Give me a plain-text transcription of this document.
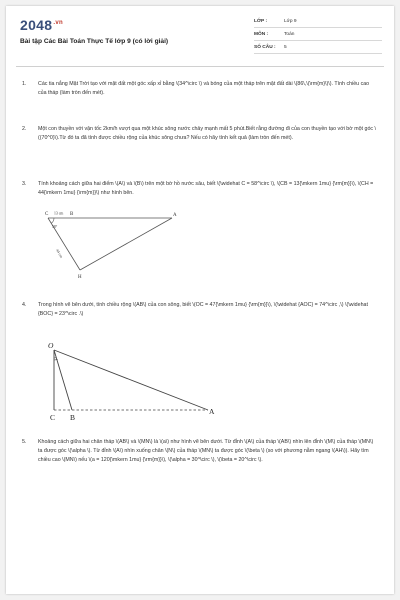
$2048^{.vn}$
Bài tập Các Bài Toán Thực Tế lớp 9 (có lời giải)
LỚP :	Lớp 9
MÔN :	Toán
SỐ CÂU :	5
1.	Các tia nắng Mặt Trời tạo với mặt đất một góc xấp xỉ bằng \(34^\circ \) và bóng của một tháp trên mặt đất dài \(86\,\(\rm{m}\)\). Tính chiều cao của tháp (làm tròn đến mét).
2.	Một con thuyền với vận tốc 2km/h vượt qua một khúc sông nước chảy mạnh mất 5 phút.Biết rằng đường đi của con thuyền tạo với bờ một góc \((70^0)\).Từ đó ta đã tính được chiều rộng của khúc sông chưa? Nếu có hãy tính kết quả (làm tròn đến mét).
3.	Tính khoảng cách giữa hai điểm \(A\) và \(B\) trên một bờ hồ nước sâu, biết \(\widehat C = 58^\circ \), \(CB = 13{\mkern 1mu} {\rm{m}}\), \(CH = 44{\mkern 1mu} {\rm{m}}\) như hình bên.
C 13 cm B	A
58°
44 cm
H
4.	Trong hình vẽ bên dưới, tính chiều rộng \(AB\) của con sông, biết \(OC = 47{\mkern 1mu} {\rm{m}}\), \(\widehat {AOC} = 74^\circ ,\) \(\widehat {BOC} = 23^\circ .\)
O
C B
A
5.	Khoảng cách giữa hai chân tháp \(AB\) và \(MN\) là \(a\) như hình vẽ bên dưới. Từ đỉnh \(A\) của tháp \(AB\) nhìn lên đỉnh \(M\) của tháp \(MN\) ta được góc \(\alpha \). Từ đỉnh \(A\) nhìn xuống chân \(N\) của tháp \(MN\) ta được góc \(\beta \) (so với phương nằm ngang \(AH\)). Hãy tìm chiều cao \(MN\) nếu \(a = 120{\mkern 1mu} {\rm{m}}\), \(\alpha = 30^\circ \), \(\beta = 20^\circ \).
